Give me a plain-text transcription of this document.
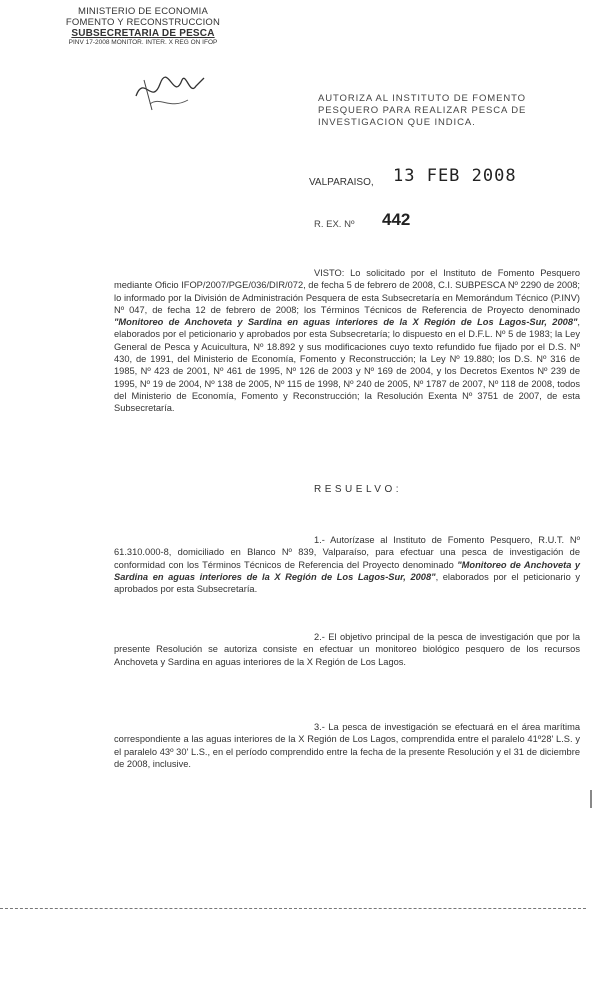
MINISTERIO DE ECONOMIA
FOMENTO Y RECONSTRUCCION
SUBSECRETARIA DE PESCA
PINV 17-2008 MONITOR. INTER. X REG ON IFOP
AUTORIZA AL INSTITUTO DE FOMENTO PESQUERO PARA REALIZAR PESCA DE INVESTIGACION QUE INDICA.
VALPARAISO, 13 FEB 2008
R. EX. Nº 442
VISTO: Lo solicitado por el Instituto de Fomento Pesquero mediante Oficio IFOP/2007/PGE/036/DIR/072, de fecha 5 de febrero de 2008, C.I. SUBPESCA Nº 2290 de 2008; lo informado por la División de Administración Pesquera de esta Subsecretaría en Memorándum Técnico (P.INV) Nº 047, de fecha 12 de febrero de 2008; los Términos Técnicos de Referencia de Proyecto denominado "Monitoreo de Anchoveta y Sardina en aguas interiores de la X Región de Los Lagos-Sur, 2008", elaborados por el peticionario y aprobados por esta Subsecretaría; lo dispuesto en el D.F.L. Nº 5 de 1983; la Ley General de Pesca y Acuicultura, Nº 18.892 y sus modificaciones cuyo texto refundido fue fijado por el D.S. Nº 430, de 1991, del Ministerio de Economía, Fomento y Reconstrucción; la Ley Nº 19.880; los D.S. Nº 316 de 1985, Nº 423 de 2001, Nº 461 de 1995, Nº 126 de 2003 y Nº 169 de 2004, y los Decretos Exentos Nº 239 de 1995, Nº 19 de 2004, Nº 138 de 2005, Nº 115 de 1998, Nº 240 de 2005, Nº 1787 de 2007, Nº 118 de 2008, todos del Ministerio de Economía, Fomento y Reconstrucción; la Resolución Exenta Nº 3751 de 2007, de esta Subsecretaría.
RESUELVO:
1.- Autorízase al Instituto de Fomento Pesquero, R.U.T. Nº 61.310.000-8, domiciliado en Blanco Nº 839, Valparaíso, para efectuar una pesca de investigación de conformidad con los Términos Técnicos de Referencia del Proyecto denominado "Monitoreo de Anchoveta y Sardina en aguas interiores de la X Región de Los Lagos-Sur, 2008", elaborados por el peticionario y aprobados por esta Subsecretaría.
2.- El objetivo principal de la pesca de investigación que por la presente Resolución se autoriza consiste en efectuar un monitoreo biológico pesquero de los recursos Anchoveta y Sardina en aguas interiores de la X Región de Los Lagos.
3.- La pesca de investigación se efectuará en el área marítima correspondiente a las aguas interiores de la X Región de Los Lagos, comprendida entre el paralelo 41º28' L.S. y el paralelo 43º 30' L.S., en el período comprendido entre la fecha de la presente Resolución y el 31 de diciembre de 2008, inclusive.
